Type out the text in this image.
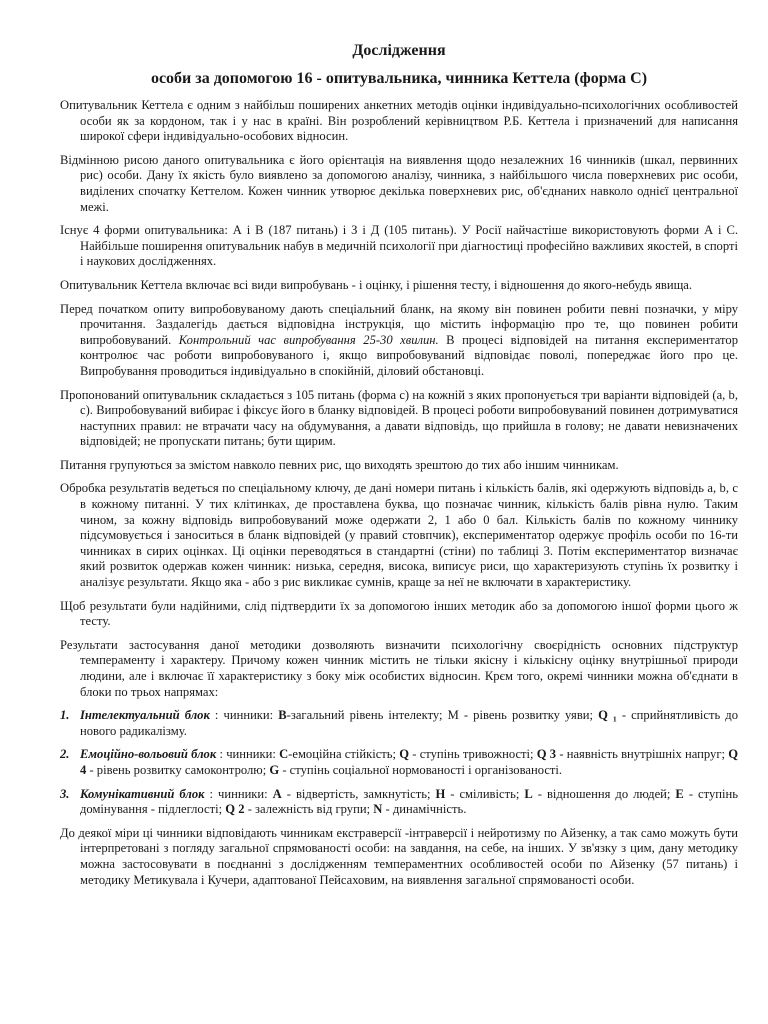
Дослідження
особи за допомогою 16 - опитувальника, чинника Кеттела (форма С)

Опитувальник Кеттела є одним з найбільш поширених анкетних методів оцінки індивідуально-психологічних особливостей особи як за кордоном, так і у нас в країні. Він розроблений керівництвом Р.Б. Кеттела і призначений для написання широкої сфери індивідуально-особових відносин.

Відмінною рисою даного опитувальника є його орієнтація на виявлення щодо незалежних 16 чинників (шкал, первинних рис) особи. Дану їх якість було виявлено за допомогою аналізу, чинника, з найбільшого числа поверхневих рис особи, виділених спочатку Кеттелом. Кожен чинник утворює декілька поверхневих рис, об'єднаних навколо однієї центральної межі.

Існує 4 форми опитувальника: А і В (187 питань) і З і Д (105 питань). У Росії найчастіше використовують форми А і С. Найбільше поширення опитувальник набув в медичній психології при діагностиці професійно важливих якостей, в спорті і наукових дослідженнях.

Опитувальник Кеттела включає всі види випробувань - і оцінку, і рішення тесту, і відношення до якого-небудь явища.

Перед початком опиту випробовуваному дають спеціальний бланк, на якому він повинен робити певні позначки, у міру прочитання. Заздалегідь дається відповідна інструкція, що містить інформацію про те, що повинен робити випробовуваний. Контрольний час випробування 25-30 хвилин. В процесі відповідей на питання експериментатор контролює час роботи випробовуваного і, якщо випробовуваний відповідає поволі, попереджає його про це. Випробування проводиться індивідуально в спокійній, діловий обстановці.

Пропонований опитувальник складається з 105 питань (форма с) на кожній з яких пропонується три варіанти відповідей (а, b, с). Випробовуваний вибирає і фіксує його в бланку відповідей. В процесі роботи випробовуваний повинен дотримуватися наступних правил: не втрачати часу на обдумування, а давати відповідь, що прийшла в голову; не давати невизначених відповідей; не пропускати питань; бути щирим.

Питання групуються за змістом навколо певних рис, що виходять зрештою до тих або іншим чинникам.

Обробка результатів ведеться по спеціальному ключу, де дані номери питань і кількість балів, які одержують відповідь а, b, с в кожному питанні. У тих клітинках, де проставлена буква, що позначає чинник, кількість балів рівна нулю. Таким чином, за кожну відповідь випробовуваний може одержати 2, 1 або 0 бал. Кількість балів по кожному чиннику підсумовується і заноситься в бланк відповідей (у правий стовпчик), експериментатор одержує профіль особи по 16-ти чинниках в сирих оцінках. Ці оцінки переводяться в стандартні (стіни) по таблиці 3. Потім експериментатор визначає який розвиток одержав кожен чинник: низька, середня, висока, виписує риси, що характеризують ступінь їх розвитку і аналізує результати. Якщо яка - або з рис викликає сумнів, краще за неї не включати в характеристику.

Щоб результати були надійними, слід підтвердити їх за допомогою інших методик або за допомогою іншої форми цього ж тесту.

Результати застосування даної методики дозволяють визначити психологічну своєрідність основних підструктур темпераменту і характеру. Причому кожен чинник містить не тільки якісну і кількісну оцінку внутрішньої природи людини, але і включає її характеристику з боку між особистих відносин. Крєм того, окремі чинники можна об'єднати в блоки по трьох напрямах:

1. Інтелектуальний блок : чинники: В-загальний рівень інтелекту; М - рівень розвитку уяви; Q ₁ - сприйнятливість до нового радикалізму.
2. Емоційно-вольовий блок : чинники: С-емоційна стійкість; Q - ступінь тривожності; Q 3 - наявність внутрішніх напруг; Q 4 - рівень розвитку самоконтролю; G - ступінь соціальної нормованості і організованості.
3. Комунікативний блок : чинники: А - відвертість, замкнутість; Н - сміливість; L - відношення до людей; Е - ступінь домінування - підлеглості; Q 2 - залежність від групи; N - динамічність.

До деякої міри ці чинники відповідають чинникам екстраверсії -інтраверсії і нейротизму по Айзенку, а так само можуть бути інтерпретовані з погляду загальної спрямованості особи: на завдання, на себе, на інших. У зв'язку з цим, дану методику можна застосовувати в поєднанні з дослідженням темпераментних особливостей особи по Айзенку (57 питань) і методику Метикувала і Кучери, адаптованої Пейсаховим, на виявлення загальної спрямованості особи.
